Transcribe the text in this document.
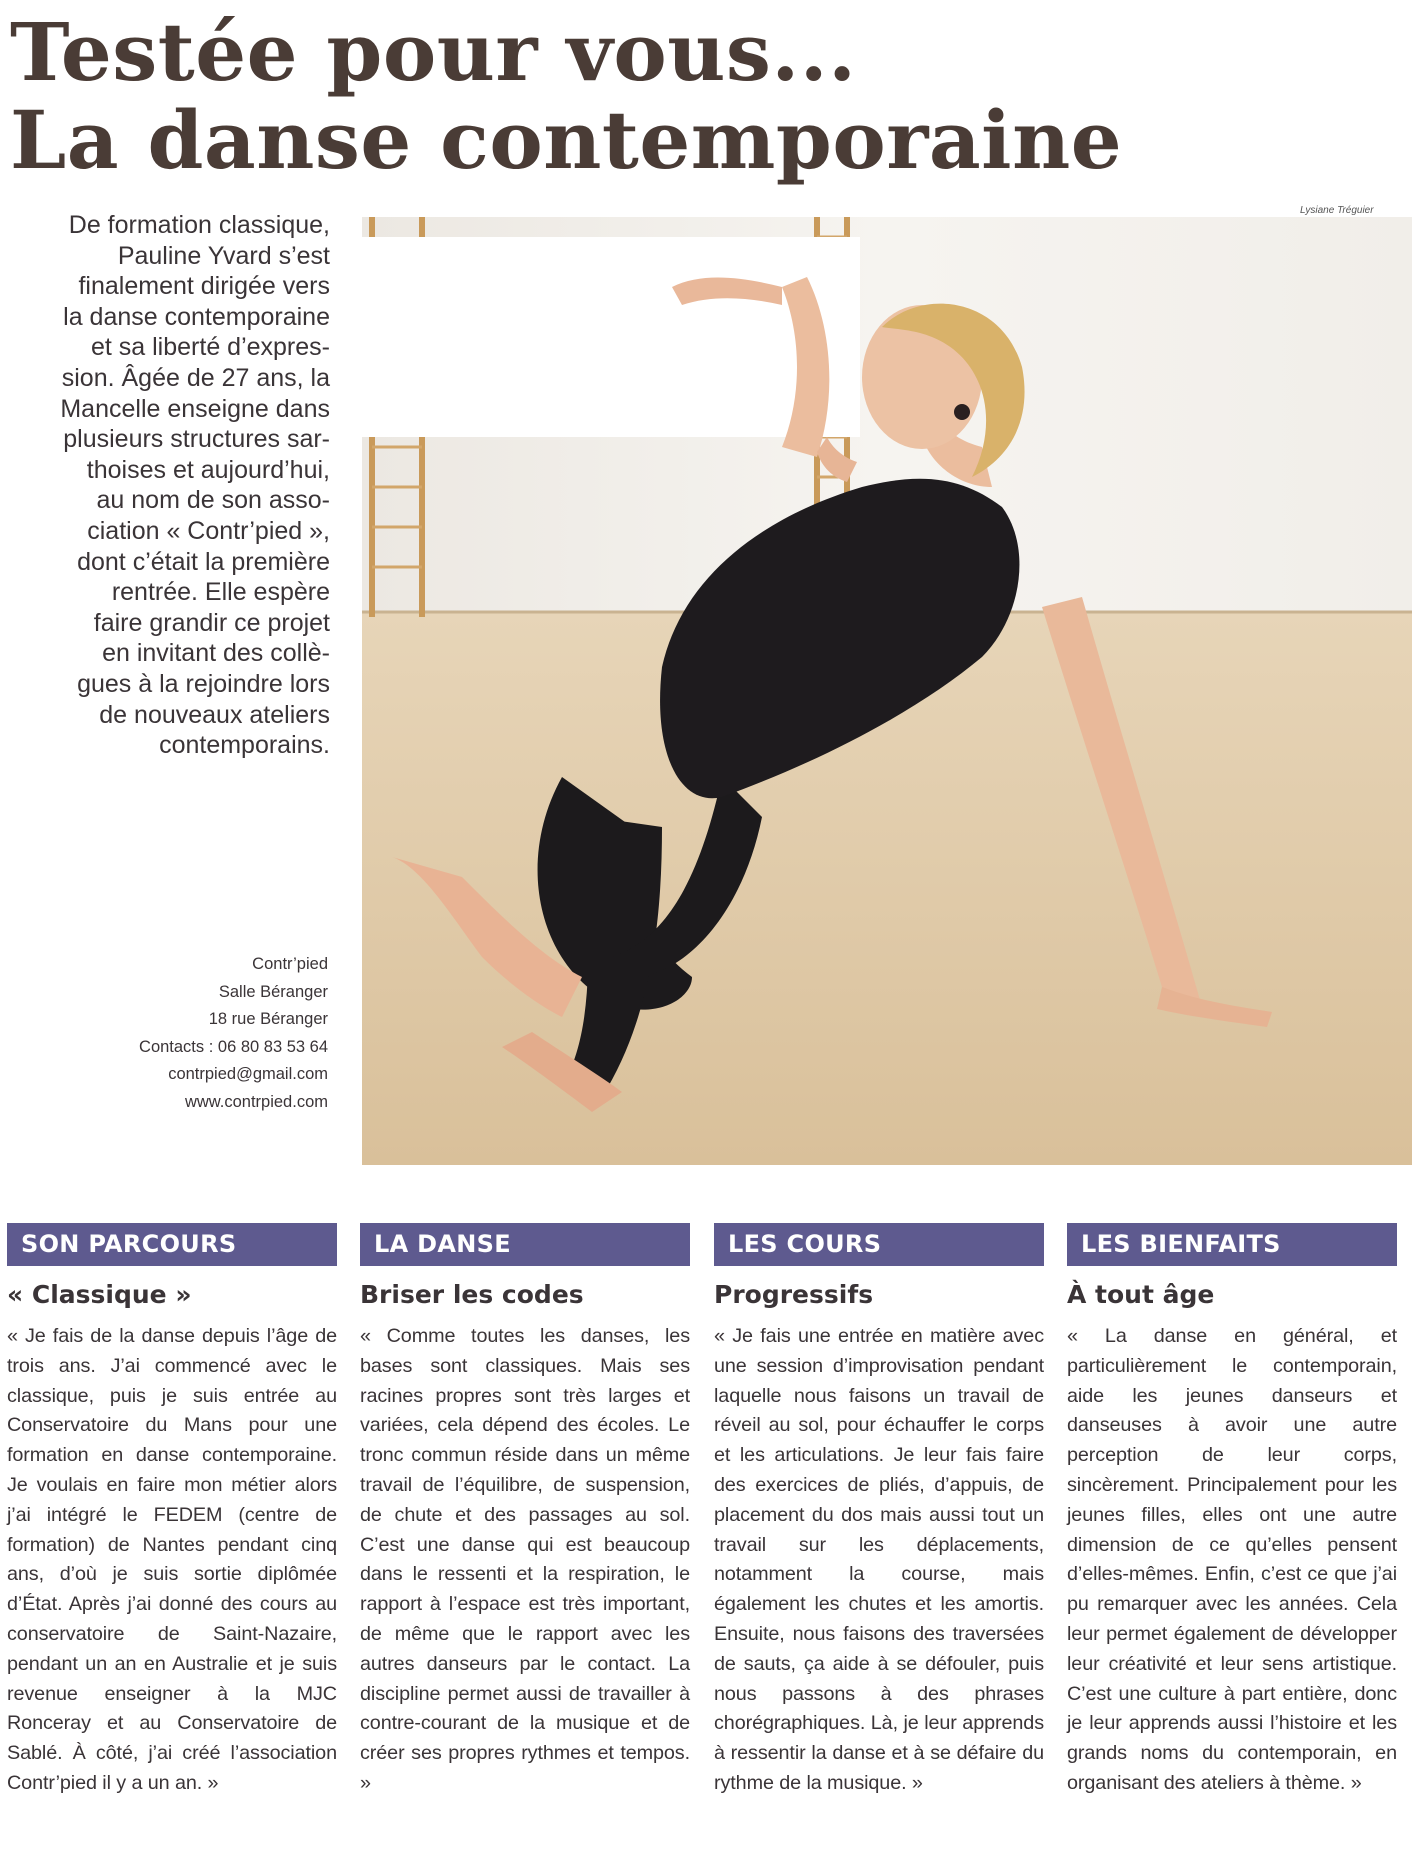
Testée pour vous...
La danse contemporaine
De formation classique,
Pauline Yvard s’est
finalement dirigée vers
la danse contemporaine
et sa liberté d’expres-
sion. Âgée de 27 ans, la
Mancelle enseigne dans
plusieurs structures sar-
thoises et aujourd’hui,
au nom de son asso-
ciation « Contr’pied »,
dont c’était la première
rentrée. Elle espère
faire grandir ce projet
en invitant des collè-
gues à la rejoindre lors
de nouveaux ateliers
contemporains.
Contr’pied
Salle Béranger
18 rue Béranger
Contacts : 06 80 83 53 64
contrpied@gmail.com
www.contrpied.com
Lysiane Tréguier
SON PARCOURS
« Classique »

« Je fais de la danse depuis l’âge de trois ans. J’ai commencé avec le classique, puis je suis entrée au Conservatoire du Mans pour une formation en danse contemporaine. Je voulais en faire mon métier alors j’ai intégré le FEDEM (centre de formation) de Nantes pendant cinq ans, d’où je suis sortie diplômée d’État. Après j’ai donné des cours au conservatoire de Saint-Nazaire, pendant un an en Australie et je suis revenue enseigner à la MJC Ronceray et au Conservatoire de Sablé. À côté, j’ai créé l’association Contr’pied il y a un an. »

LA DANSE
Briser les codes

« Comme toutes les danses, les bases sont classiques. Mais ses racines propres sont très larges et variées, cela dépend des écoles. Le tronc commun réside dans un même travail de l’équilibre, de suspension, de chute et des passages au sol. C’est une danse qui est beaucoup dans le ressenti et la respiration, le rapport à l’espace est très important, de même que le rapport avec les autres danseurs par le contact. La discipline permet aussi de travailler à contre-courant de la musique et de créer ses propres rythmes et tempos. »

LES COURS
Progressifs

« Je fais une entrée en matière avec une session d’improvisation pendant laquelle nous faisons un travail de réveil au sol, pour échauffer le corps et les articulations. Je leur fais faire des exercices de pliés, d’appuis, de placement du dos mais aussi tout un travail sur les déplacements, notamment la course, mais également les chutes et les amortis. Ensuite, nous faisons des traversées de sauts, ça aide à se défouler, puis nous passons à des phrases chorégraphiques. Là, je leur apprends à ressentir la danse et à se défaire du rythme de la musique. »

LES BIENFAITS
À tout âge

« La danse en général, et particulièrement le contemporain, aide les jeunes danseurs et danseuses à avoir une autre perception de leur corps, sincèrement. Principalement pour les jeunes filles, elles ont une autre dimension de ce qu’elles pensent d’elles-mêmes. Enfin, c’est ce que j’ai pu remarquer avec les années. Cela leur permet également de développer leur créativité et leur sens artistique. C’est une culture à part entière, donc je leur apprends aussi l’histoire et les grands noms du contemporain, en organisant des ateliers à thème. »
